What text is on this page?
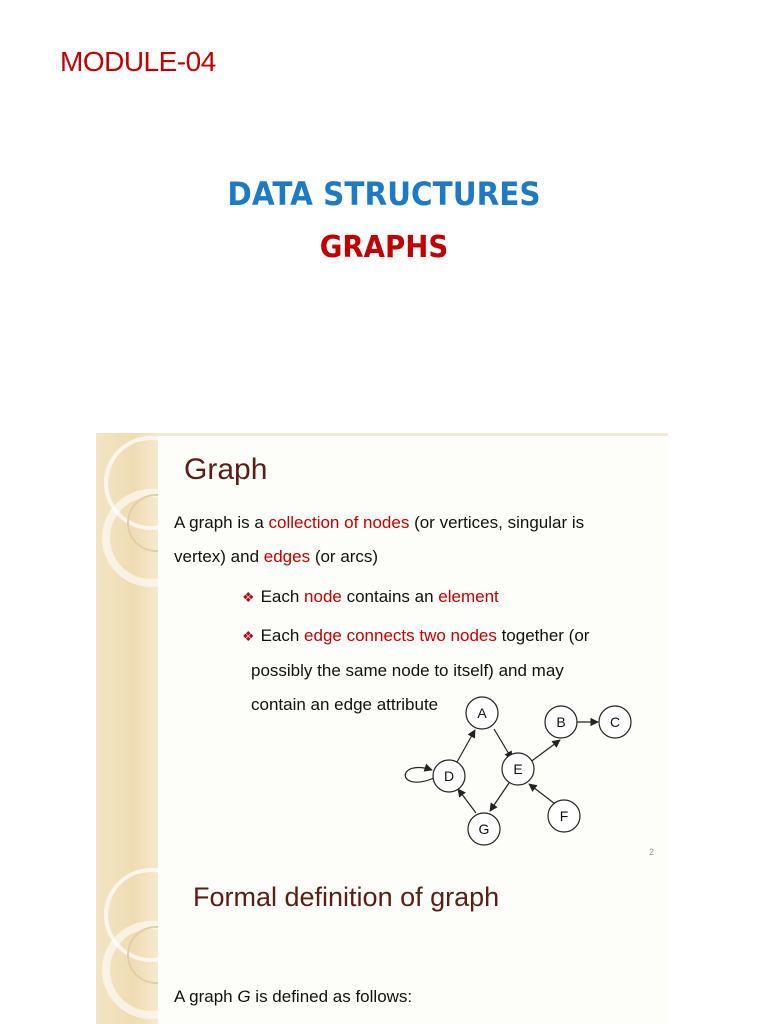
MODULE-04
DATA STRUCTURES
GRAPHS
Graph
A graph is a collection of nodes (or vertices, singular is
vertex) and edges (or arcs)
❖ Each node contains an element
❖ Each edge connects two nodes together (or
possibly the same node to itself) and may
contain an edge attribute	A
B	C
D	E
F
G
2
Formal definition of graph
A graph G is defined as follows:
